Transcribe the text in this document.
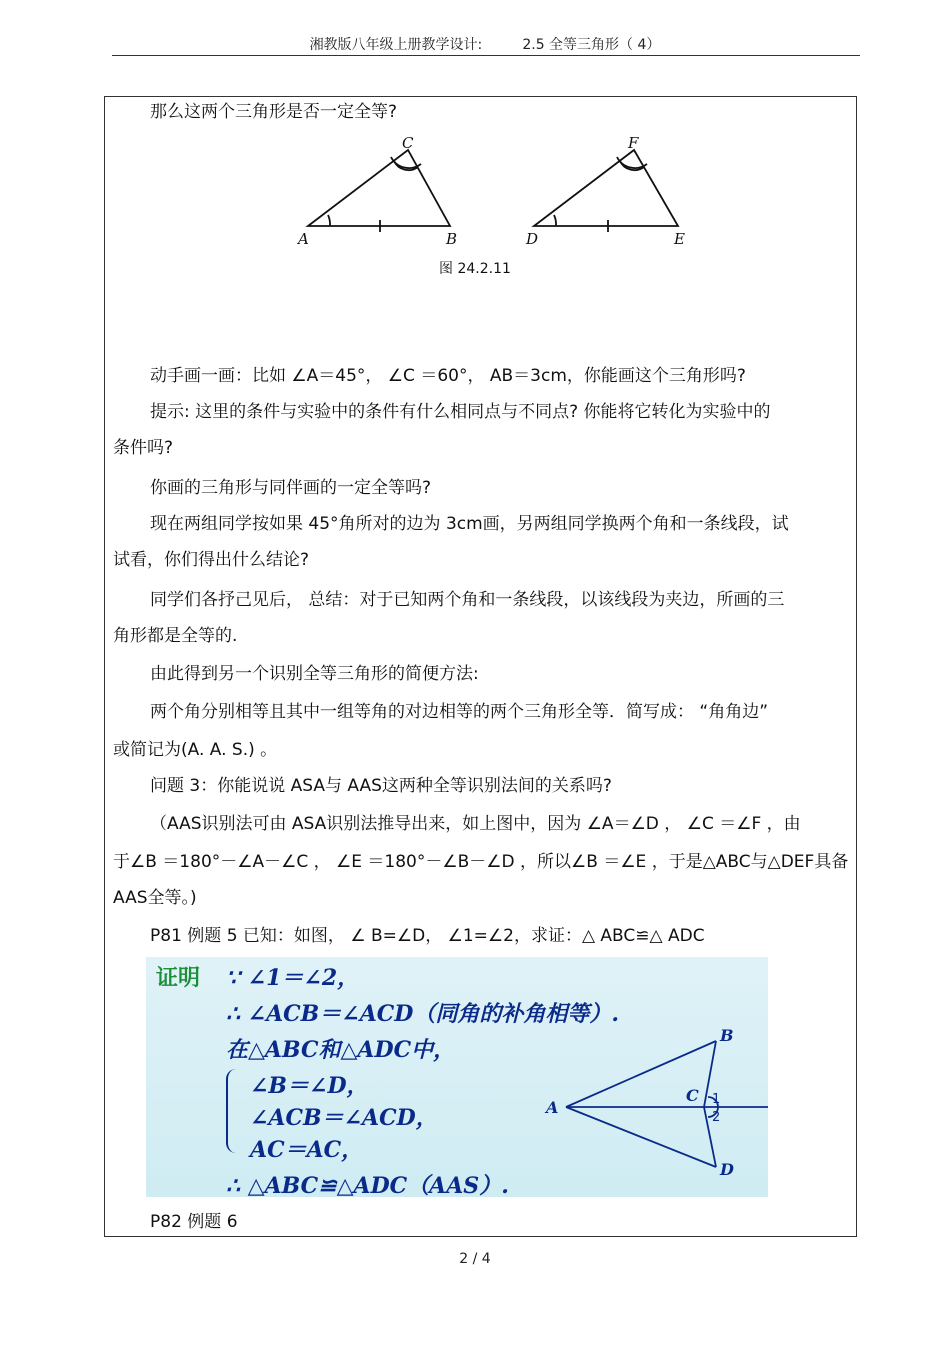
湘教版八年级上册教学设计:	2.5 全等三角形（ 4）
那么这两个三角形是否一定全等?
A	B
C
D	E
F
图 24.2.11
动手画一画：比如 ∠A＝45°， ∠C ＝60°， AB＝3cm，你能画这个三角形吗?
提示: 这里的条件与实验中的条件有什么相同点与不同点? 你能将它转化为实验中的
条件吗?
你画的三角形与同伴画的一定全等吗?
现在两组同学按如果 45°角所对的边为 3cm画，另两组同学换两个角和一条线段，试
试看，你们得出什么结论?
同学们各抒己见后， 总结：对于已知两个角和一条线段，以该线段为夹边，所画的三
角形都是全等的.
由此得到另一个识别全等三角形的简便方法:
两个角分别相等且其中一组等角的对边相等的两个三角形全等．简写成： “角角边”
或简记为(A. A. S.) 。
问题 3：你能说说 ASA与 AAS这两种全等识别法间的关系吗?
（AAS识别法可由 ASA识别法推导出来，如上图中，因为 ∠A＝∠D ， ∠C ＝∠F ，由
于∠B ＝180°－∠A－∠C ， ∠E ＝180°－∠B－∠D ，所以∠B ＝∠E ，于是△ABC与△DEF具备
AAS全等。)
P81 例题 5 已知：如图， ∠ B=∠D， ∠1=∠2，求证：△ ABC≌△ ADC
证明 ∵ ∠1＝∠2，
∴ ∠ACB＝∠ACD（同角的补角相等）.
在△ABC和△ADC中，
∠B＝∠D，
∠ACB＝∠ACD，
AC＝AC，
∴ △ABC≌△ADC（AAS）.
A
B
C
D
1
2
P82 例题 6
2 / 4
